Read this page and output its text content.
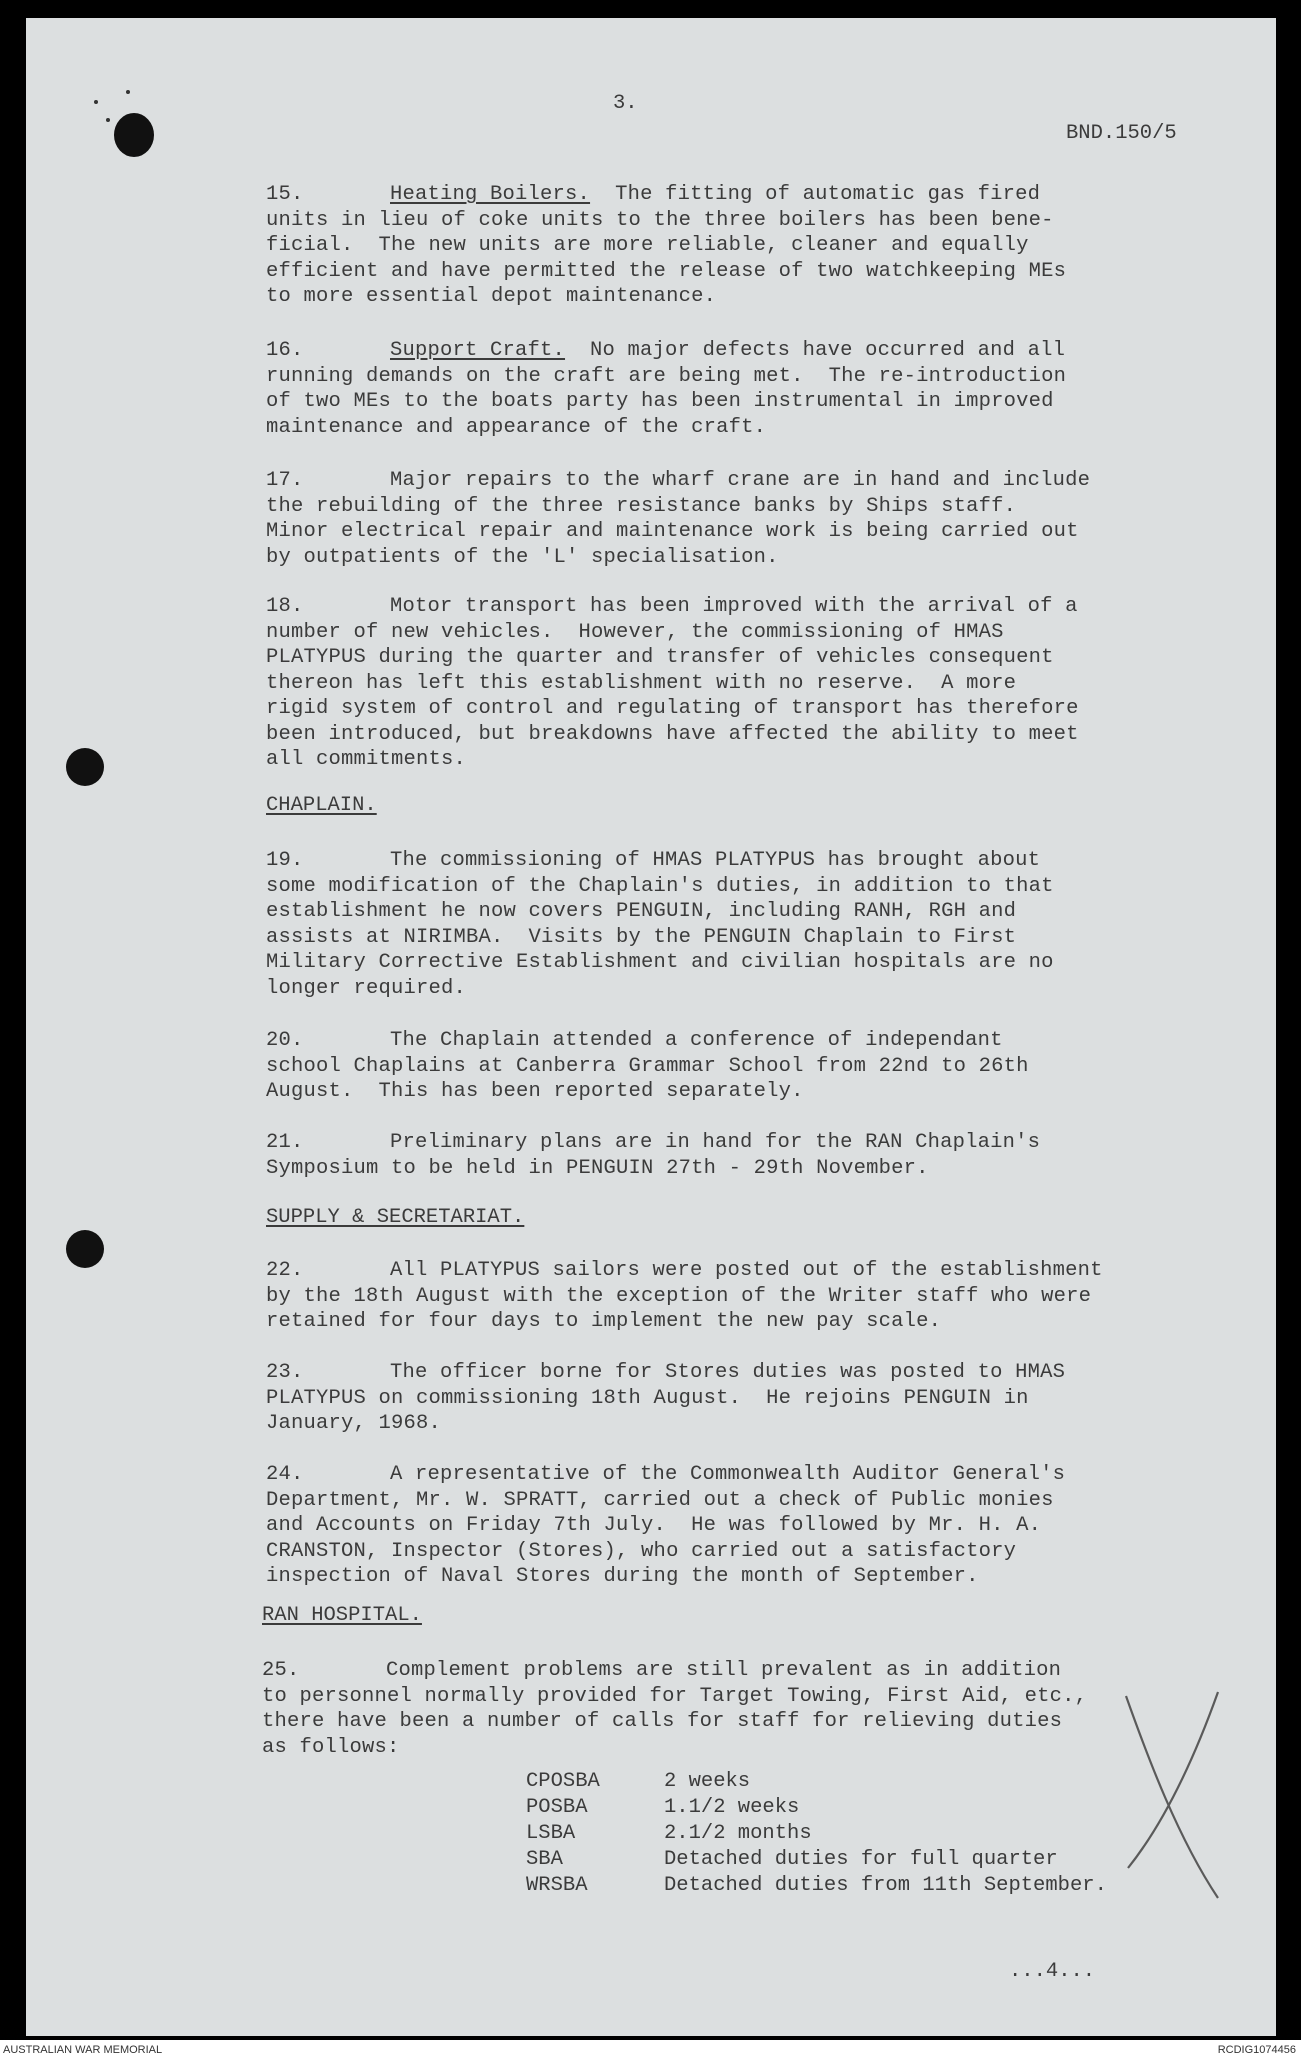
3.
BND.150/5
15.	Heating Boilers. The fitting of automatic gas fired
units in lieu of coke units to the three boilers has been bene-
ficial.  The new units are more reliable, cleaner and equally
efficient and have permitted the release of two watchkeeping MEs
to more essential depot maintenance.
16.	Support Craft. No major defects have occurred and all
running demands on the craft are being met.  The re-introduction
of two MEs to the boats party has been instrumental in improved
maintenance and appearance of the craft.
17.	Major repairs to the wharf crane are in hand and include
the rebuilding of the three resistance banks by Ships staff.
Minor electrical repair and maintenance work is being carried out
by outpatients of the 'L' specialisation.
18.	Motor transport has been improved with the arrival of a
number of new vehicles.  However, the commissioning of HMAS
PLATYPUS during the quarter and transfer of vehicles consequent
thereon has left this establishment with no reserve.  A more
rigid system of control and regulating of transport has therefore
been introduced, but breakdowns have affected the ability to meet
all commitments.
CHAPLAIN.
19.	The commissioning of HMAS PLATYPUS has brought about
some modification of the Chaplain's duties, in addition to that
establishment he now covers PENGUIN, including RANH, RGH and
assists at NIRIMBA.  Visits by the PENGUIN Chaplain to First
Military Corrective Establishment and civilian hospitals are no
longer required.
20.	The Chaplain attended a conference of independant
school Chaplains at Canberra Grammar School from 22nd to 26th
August.  This has been reported separately.
21.	Preliminary plans are in hand for the RAN Chaplain's
Symposium to be held in PENGUIN 27th - 29th November.
SUPPLY & SECRETARIAT.
22.	All PLATYPUS sailors were posted out of the establishment
by the 18th August with the exception of the Writer staff who were
retained for four days to implement the new pay scale.
23.	The officer borne for Stores duties was posted to HMAS
PLATYPUS on commissioning 18th August.  He rejoins PENGUIN in
January, 1968.
24.	A representative of the Commonwealth Auditor General's
Department, Mr. W. SPRATT, carried out a check of Public monies
and Accounts on Friday 7th July.  He was followed by Mr. H. A.
CRANSTON, Inspector (Stores), who carried out a satisfactory
inspection of Naval Stores during the month of September.
RAN HOSPITAL.
25.	Complement problems are still prevalent as in addition
to personnel normally provided for Target Towing, First Aid, etc.,
there have been a number of calls for staff for relieving duties
as follows:
CPOSBA	2 weeks
POSBA	1.1/2 weeks
LSBA	2.1/2 months
SBA	Detached duties for full quarter
WRSBA	Detached duties from 11th September.
...4...
AUSTRALIAN WAR MEMORIAL	RCDIG1074456
